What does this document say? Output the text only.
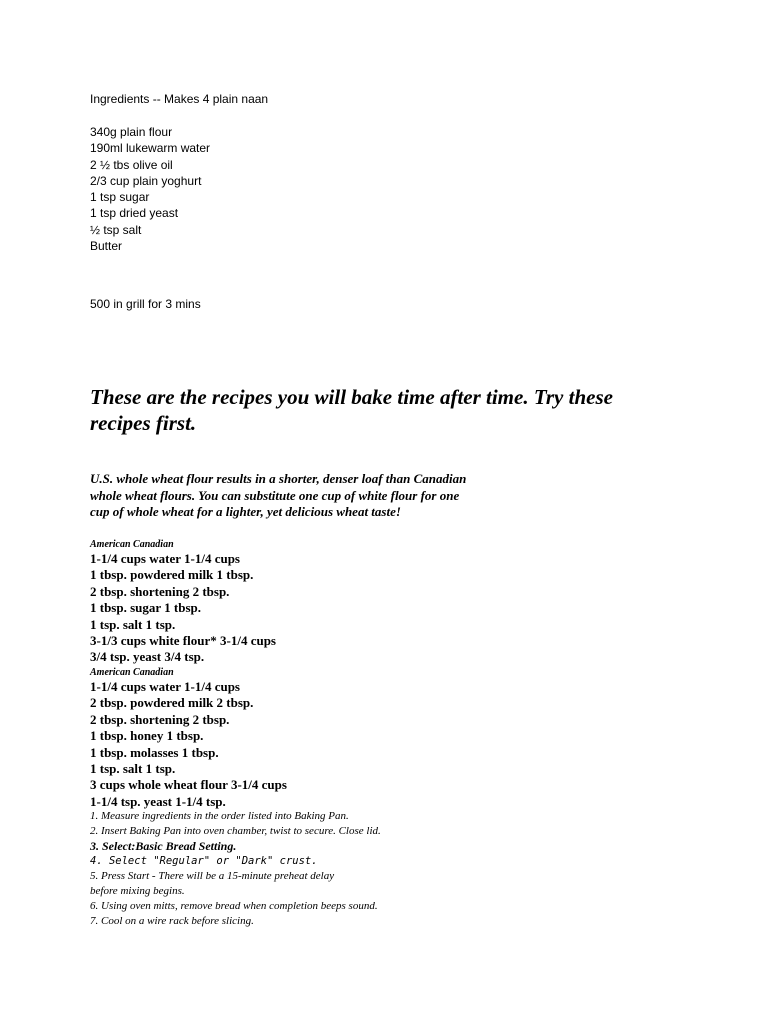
Ingredients -- Makes 4 plain naan
340g plain flour
190ml lukewarm water
2 ½ tbs olive oil
2/3 cup plain yoghurt
1 tsp sugar
1 tsp dried yeast
½ tsp salt
Butter
500 in grill for 3 mins
These are the recipes you will bake time after time. Try these recipes first.

U.S. whole wheat flour results in a shorter, denser loaf than Canadian whole wheat flours. You can substitute one cup of white flour for one cup of whole wheat for a lighter, yet delicious wheat taste!

American Canadian
1-1/4 cups water 1-1/4 cups
1 tbsp. powdered milk 1 tbsp.
2 tbsp. shortening 2 tbsp.
1 tbsp. sugar 1 tbsp.
1 tsp. salt 1 tsp.
3-1/3 cups white flour* 3-1/4 cups
3/4 tsp. yeast 3/4 tsp.
American Canadian
1-1/4 cups water 1-1/4 cups
2 tbsp. powdered milk 2 tbsp.
2 tbsp. shortening 2 tbsp.
1 tbsp. honey 1 tbsp.
1 tbsp. molasses 1 tbsp.
1 tsp. salt 1 tsp.
3 cups whole wheat flour 3-1/4 cups
1-1/4 tsp. yeast 1-1/4 tsp.
1. Measure ingredients in the order listed into Baking Pan.
2. Insert Baking Pan into oven chamber, twist to secure. Close lid.
3. Select:Basic Bread Setting.
4. Select "Regular" or "Dark" crust.
5. Press Start - There will be a 15-minute preheat delay
before mixing begins.
6. Using oven mitts, remove bread when completion beeps sound.
7. Cool on a wire rack before slicing.
